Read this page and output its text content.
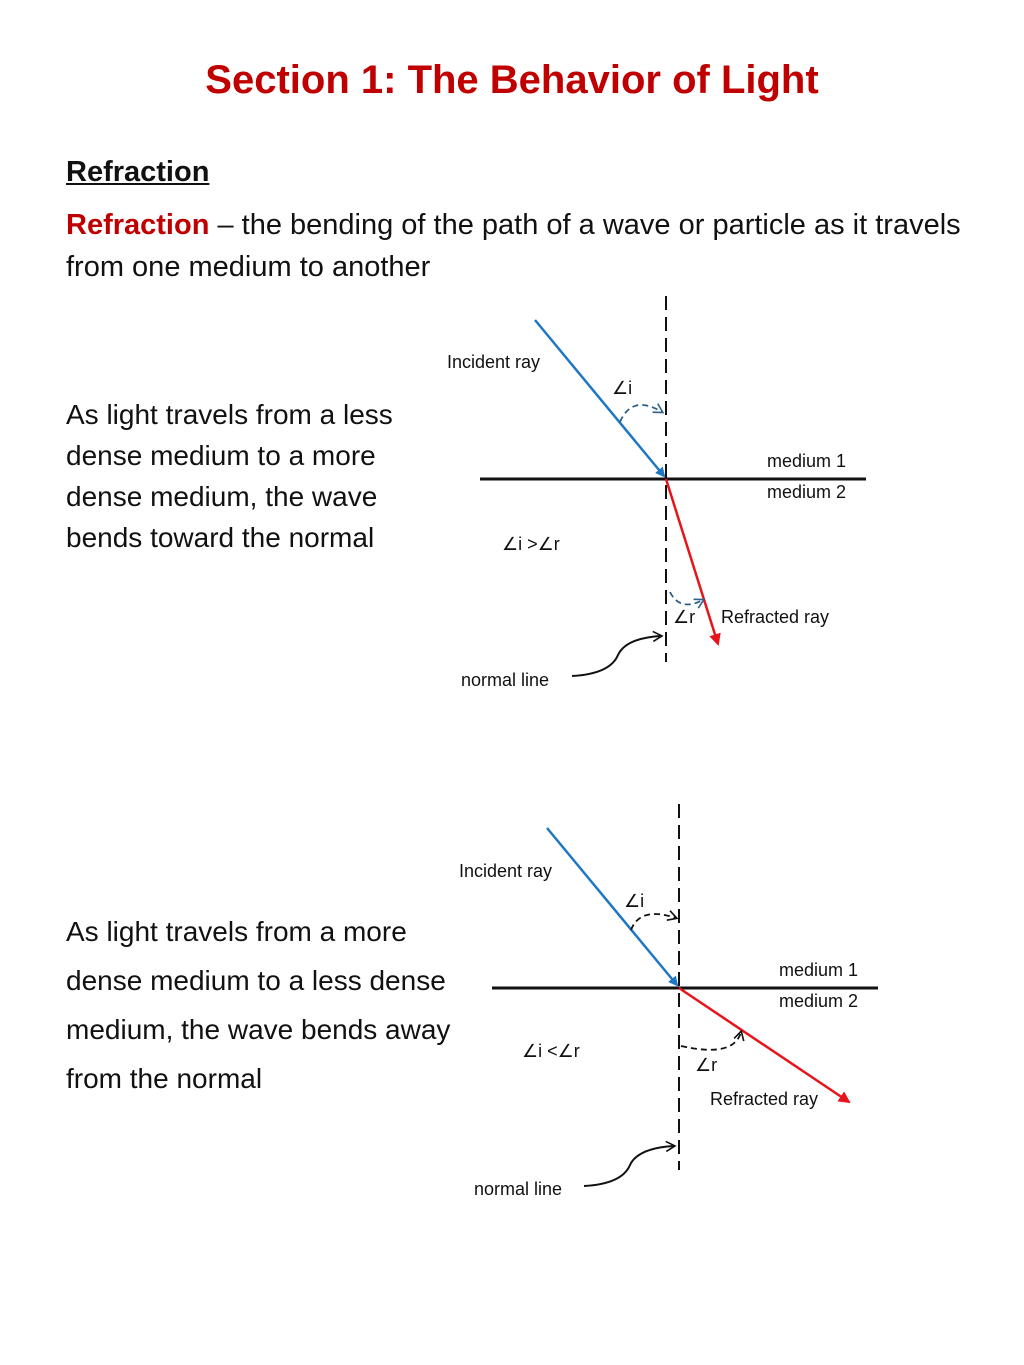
Section 1: The Behavior of Light
Refraction

Refraction – the bending of the path of a wave or particle as it travels from one medium to another

As light travels from a less dense medium to a more dense medium, the wave bends toward the normal

As light travels from a more dense medium to a less dense medium, the wave bends away from the normal

Incident ray
∠i
medium 1
medium 2
∠i >∠r
∠r Refracted ray
normal line
Incident ray
∠i
medium 1
medium 2
∠i <∠r
∠r
Refracted ray
normal line
